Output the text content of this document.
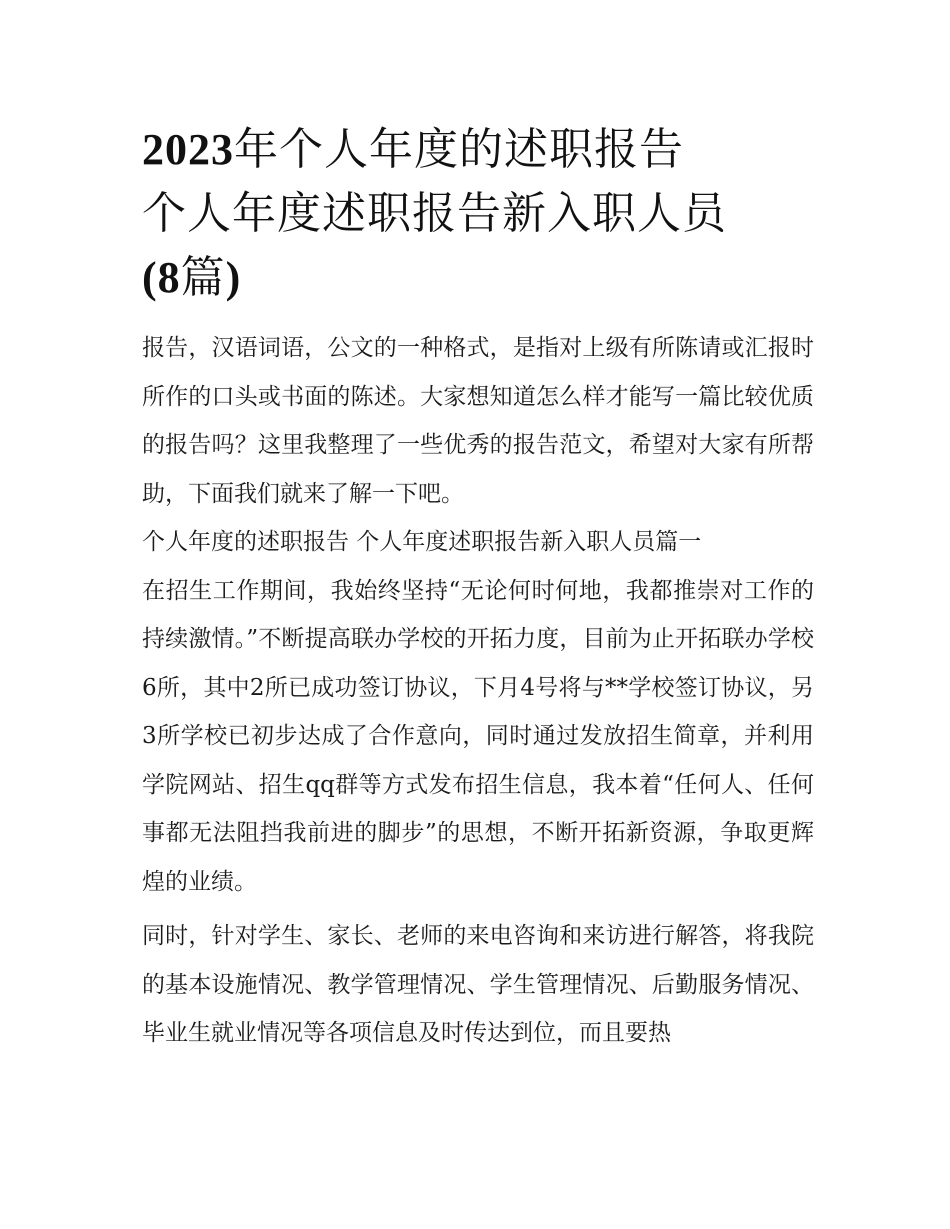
2023年个人年度的述职报告
个人年度述职报告新入职人员
(8篇)

报告，汉语词语，公文的一种格式，是指对上级有所陈请或汇报时所作的口头或书面的陈述。大家想知道怎么样才能写一篇比较优质的报告吗？这里我整理了一些优秀的报告范文，希望对大家有所帮助，下面我们就来了解一下吧。

个人年度的述职报告 个人年度述职报告新入职人员篇一

在招生工作期间，我始终坚持“无论何时何地，我都推崇对工作的持续激情。”不断提高联办学校的开拓力度，目前为止开拓联办学校6所，其中2所已成功签订协议，下月4号将与**学校签订协议，另3所学校已初步达成了合作意向，同时通过发放招生简章，并利用学院网站、招生qq群等方式发布招生信息，我本着“任何人、任何事都无法阻挡我前进的脚步”的思想，不断开拓新资源，争取更辉煌的业绩。

同时，针对学生、家长、老师的来电咨询和来访进行解答，将我院的基本设施情况、教学管理情况、学生管理情况、后勤服务情况、毕业生就业情况等各项信息及时传达到位，而且要热
